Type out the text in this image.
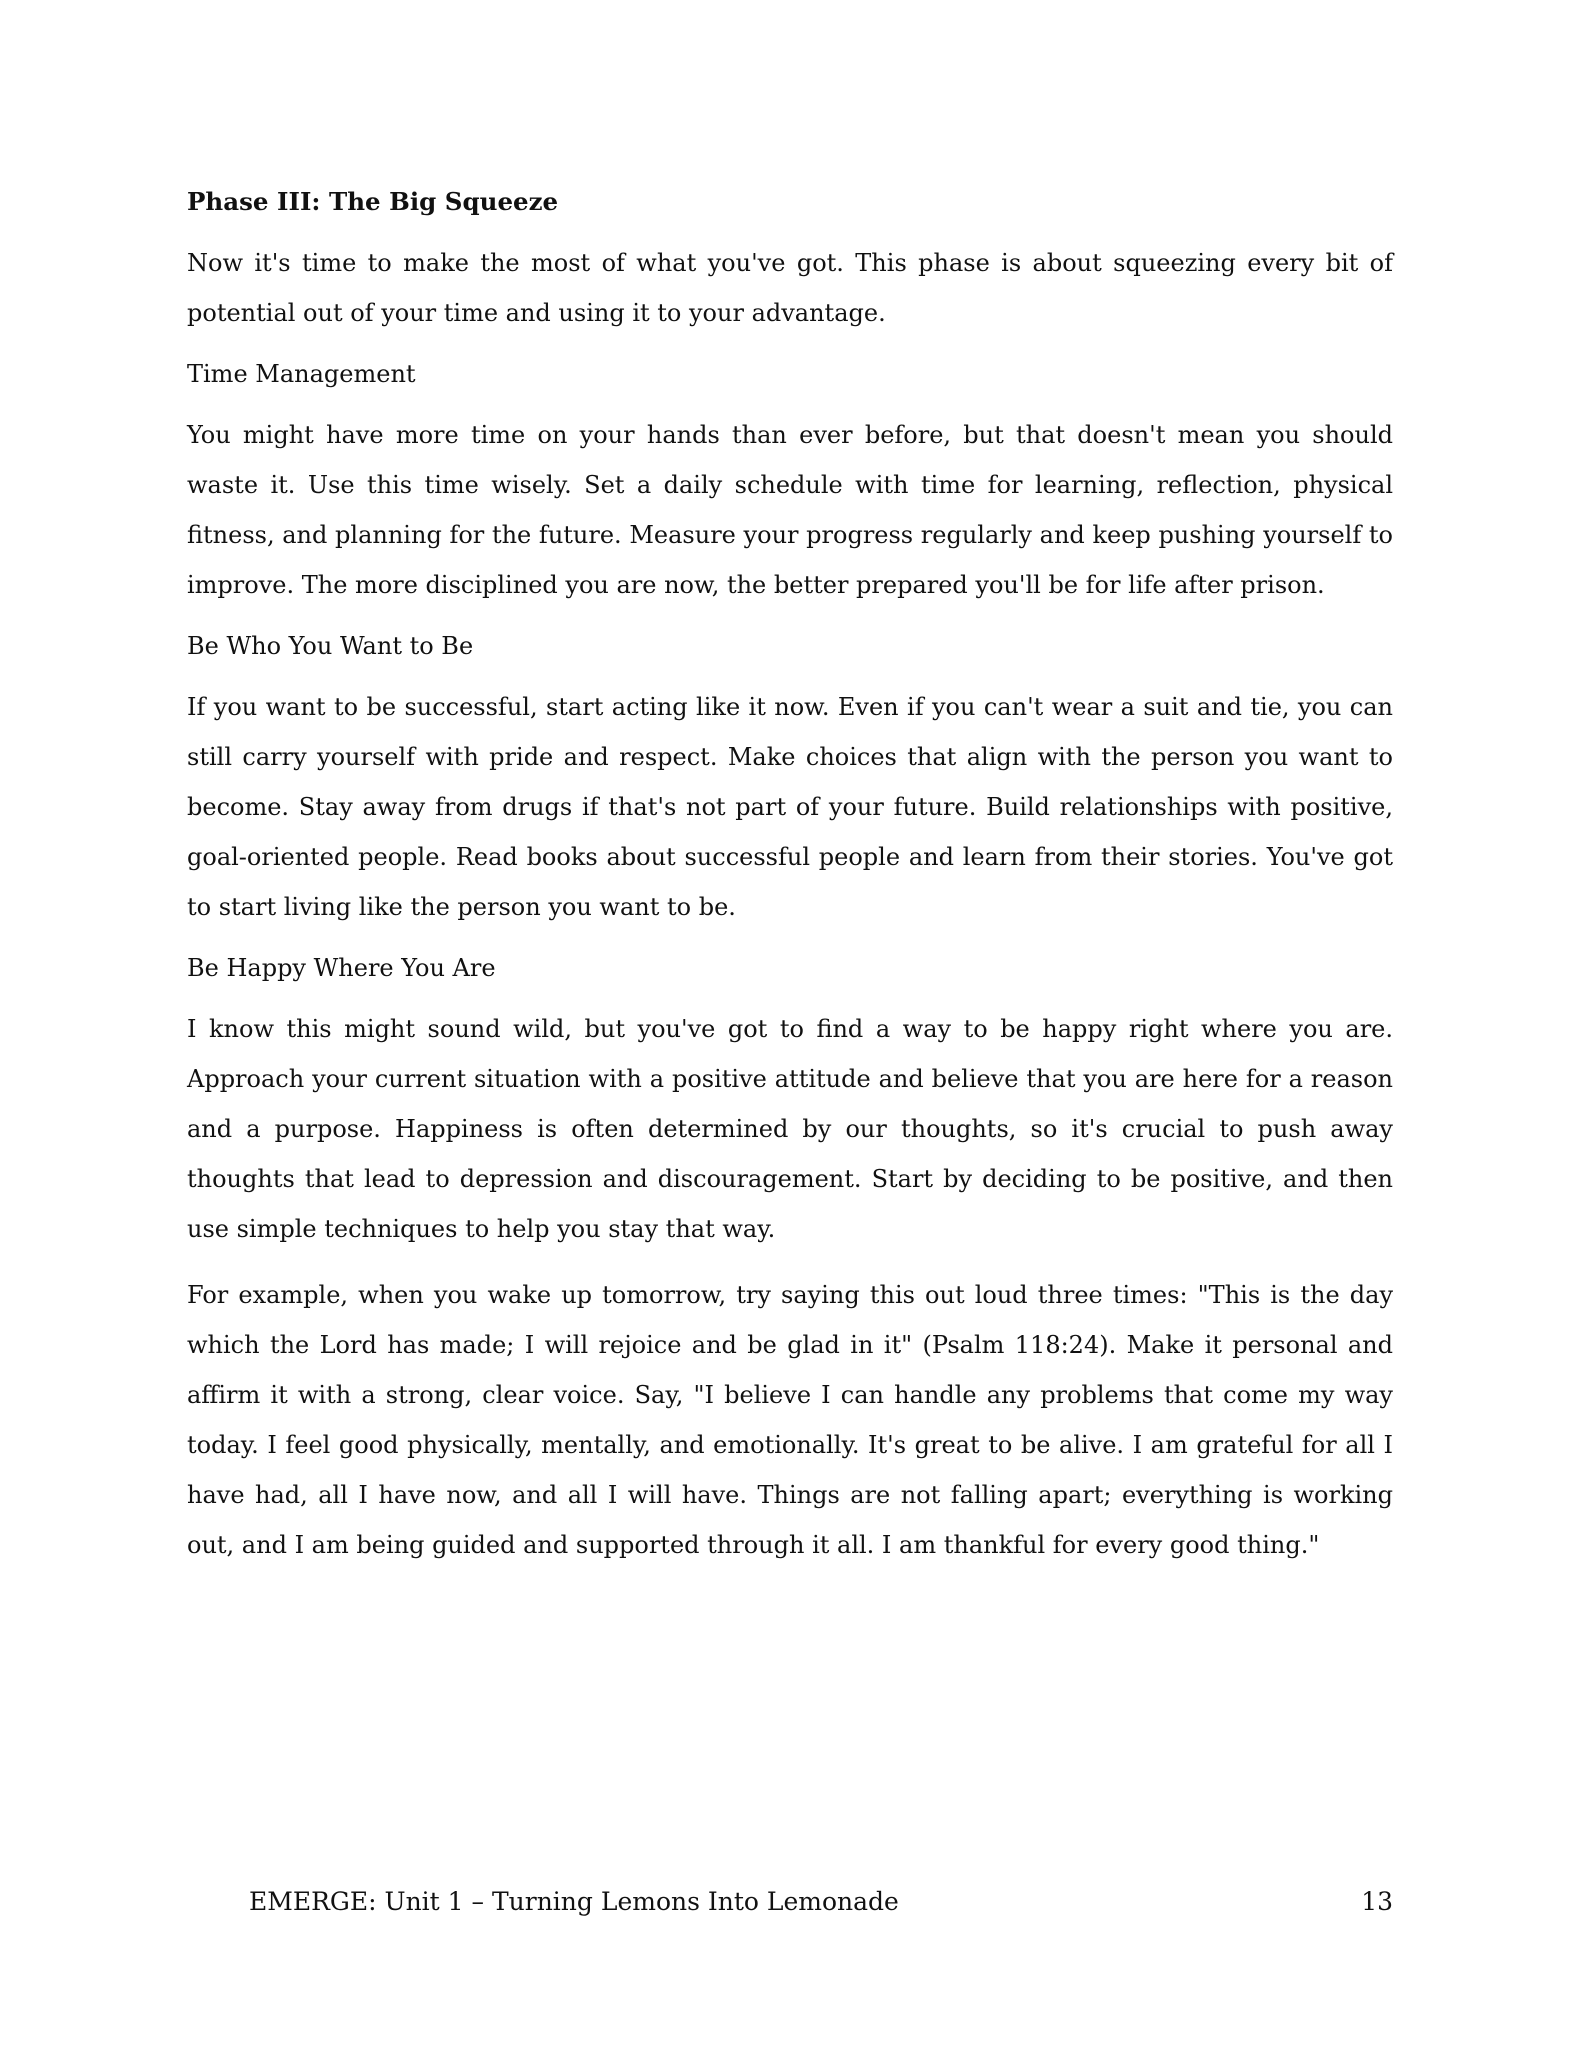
Phase III: The Big Squeeze

Now it's time to make the most of what you've got. This phase is about squeezing every bit of potential out of your time and using it to your advantage.

Time Management

You might have more time on your hands than ever before, but that doesn't mean you should waste it. Use this time wisely. Set a daily schedule with time for learning, reflection, physical fitness, and planning for the future. Measure your progress regularly and keep pushing yourself to improve. The more disciplined you are now, the better prepared you'll be for life after prison.

Be Who You Want to Be

If you want to be successful, start acting like it now. Even if you can't wear a suit and tie, you can still carry yourself with pride and respect. Make choices that align with the person you want to become. Stay away from drugs if that's not part of your future. Build relationships with positive, goal-oriented people. Read books about successful people and learn from their stories. You've got to start living like the person you want to be.

Be Happy Where You Are

I know this might sound wild, but you've got to find a way to be happy right where you are. Approach your current situation with a positive attitude and believe that you are here for a reason and a purpose. Happiness is often determined by our thoughts, so it's crucial to push away thoughts that lead to depression and discouragement. Start by deciding to be positive, and then use simple techniques to help you stay that way.

For example, when you wake up tomorrow, try saying this out loud three times: "This is the day which the Lord has made; I will rejoice and be glad in it" (Psalm 118:24). Make it personal and affirm it with a strong, clear voice. Say, "I believe I can handle any problems that come my way today. I feel good physically, mentally, and emotionally. It's great to be alive. I am grateful for all I have had, all I have now, and all I will have. Things are not falling apart; everything is working out, and I am being guided and supported through it all. I am thankful for every good thing."

EMERGE: Unit 1 – Turning Lemons Into Lemonade	13
